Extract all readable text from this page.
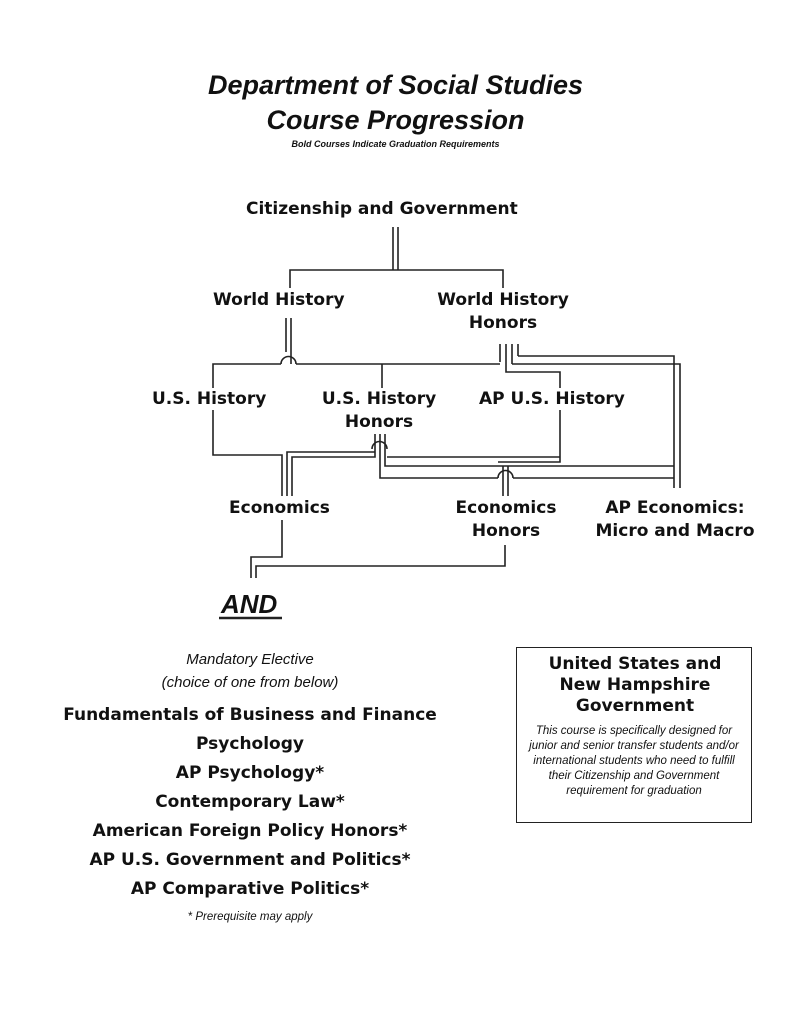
Department of Social Studies
Course Progression
Bold Courses Indicate Graduation Requirements
Citizenship and Government
World History	World History
Honors
U.S. History	U.S. History
Honors
AP U.S. History
Economics	Economics
Honors
AP Economics:
Micro and Macro
AND
Mandatory Elective
(choice of one from below)
Fundamentals of Business and Finance
Psychology
AP Psychology*
Contemporary Law*
American Foreign Policy Honors*
AP U.S. Government and Politics*
AP Comparative Politics*
* Prerequisite may apply
United States and
New Hampshire
Government
This course is specifically designed for junior and senior transfer students and/or international students who need to fulfill their Citizenship and Government requirement for graduation
